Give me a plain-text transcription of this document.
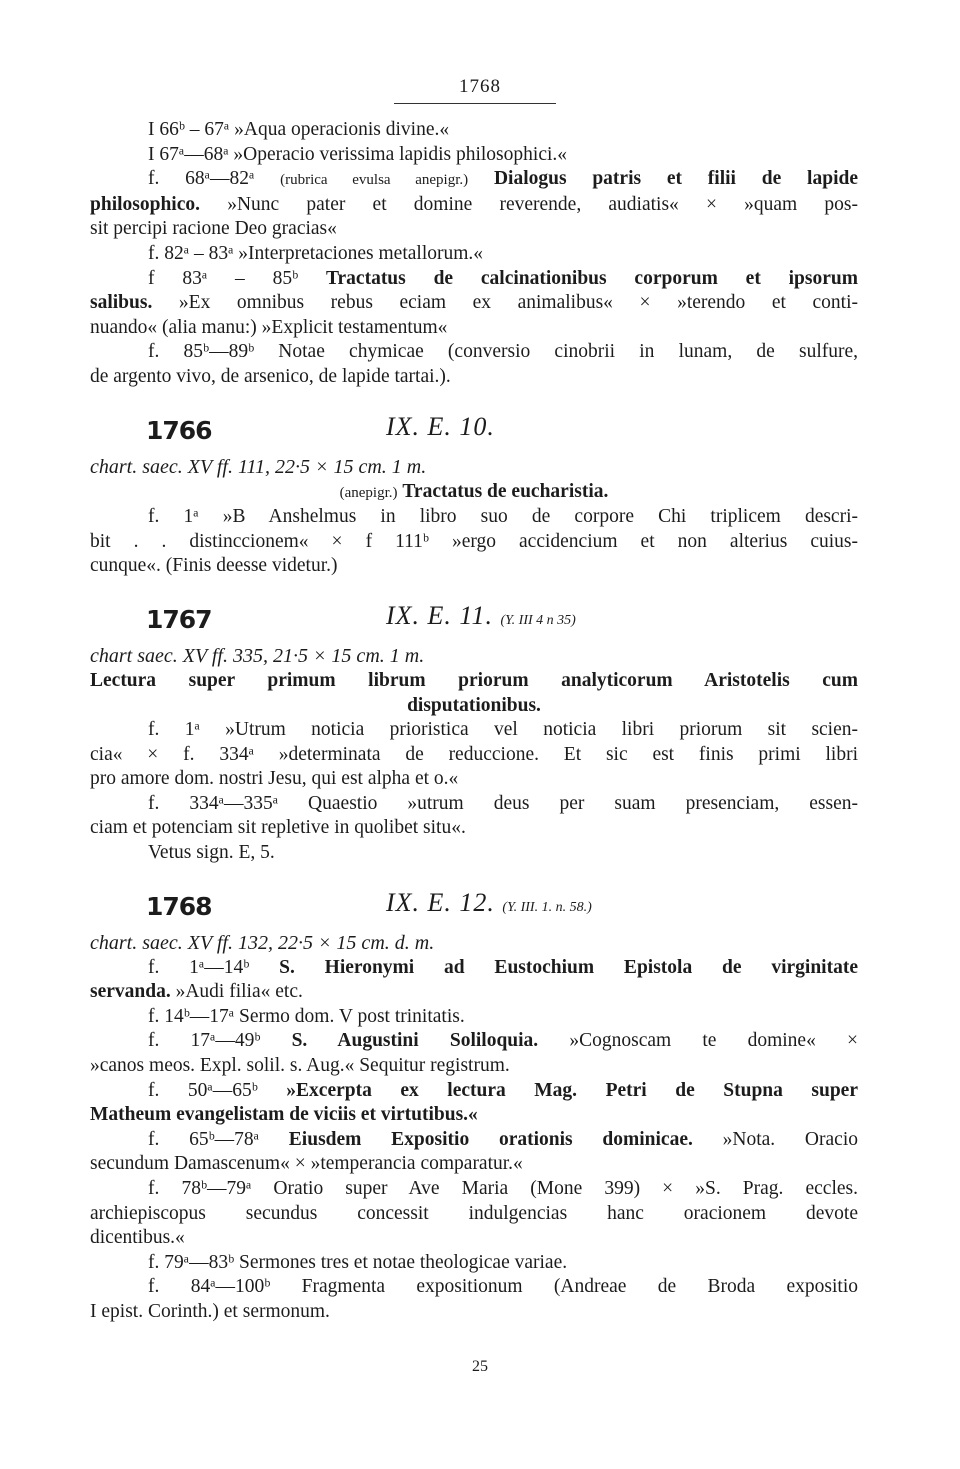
1768
I 66ᵇ – 67ᵃ »Aqua operacionis divine.«
I 67ᵃ—68ᵃ »Operacio verissima lapidis philosophici.«
f. 68ᵃ—82ᵃ (rubrica evulsa anepigr.) Dialogus patris et filii de lapide
philosophico. »Nunc pater et domine reverende, audiatis« × »quam pos-
sit percipi racione Deo gracias«
f. 82ᵃ – 83ᵃ »Interpretaciones metallorum.«
f 83ᵃ – 85ᵇ Tractatus de calcinationibus corporum et ipsorum
salibus. »Ex omnibus rebus eciam ex animalibus« × »terendo et conti-
nuando« (alia manu:) »Explicit testamentum«
f. 85ᵇ—89ᵇ Notae chymicae (conversio cinobrii in lunam, de sulfure,
de argento vivo, de arsenico, de lapide tartai.).
1766	IX. E. 10.
chart. saec. XV ff. 111, 22·5 × 15 cm. 1 m.
(anepigr.) Tractatus de eucharistia.
f. 1ᵃ »B Anshelmus in libro suo de corpore Chi triplicem descri-
bit . . distinccionem« × f 111ᵇ »ergo accidencium et non alterius cuius-
cunque«. (Finis deesse videtur.)
1767	IX. E. 11. (Y. III 4 n 35)
chart saec. XV ff. 335, 21·5 × 15 cm. 1 m.
Lectura super primum librum priorum analyticorum Aristotelis cum
disputationibus.
f. 1ᵃ »Utrum noticia prioristica vel noticia libri priorum sit scien-
cia« × f. 334ᵃ »determinata de reduccione. Et sic est finis primi libri
pro amore dom. nostri Jesu, qui est alpha et o.«
f. 334ᵃ—335ᵃ Quaestio »utrum deus per suam presenciam, essen-
ciam et potenciam sit repletive in quolibet situ«.
Vetus sign. E, 5.
1768	IX. E. 12. (Y. III. 1. n. 58.)
chart. saec. XV ff. 132, 22·5 × 15 cm. d. m.
f. 1ᵃ—14ᵇ S. Hieronymi ad Eustochium Epistola de virginitate
servanda. »Audi filia« etc.
f. 14ᵇ—17ᵃ Sermo dom. V post trinitatis.
f. 17ᵃ—49ᵇ S. Augustini Soliloquia. »Cognoscam te domine« ×
»canos meos. Expl. solil. s. Aug.« Sequitur registrum.
f. 50ᵃ—65ᵇ »Excerpta ex lectura Mag. Petri de Stupna super
Matheum evangelistam de viciis et virtutibus.«
f. 65ᵇ—78ᵃ Eiusdem Expositio orationis dominicae. »Nota. Oracio
secundum Damascenum« × »temperancia comparatur.«
f. 78ᵇ—79ᵃ Oratio super Ave Maria (Mone 399) × »S. Prag. eccles.
archiepiscopus secundus concessit indulgencias hanc oracionem devote
dicentibus.«
f. 79ᵃ—83ᵇ Sermones tres et notae theologicae variae.
f. 84ᵃ—100ᵇ Fragmenta expositionum (Andreae de Broda expositio
I epist. Corinth.) et sermonum.
25
